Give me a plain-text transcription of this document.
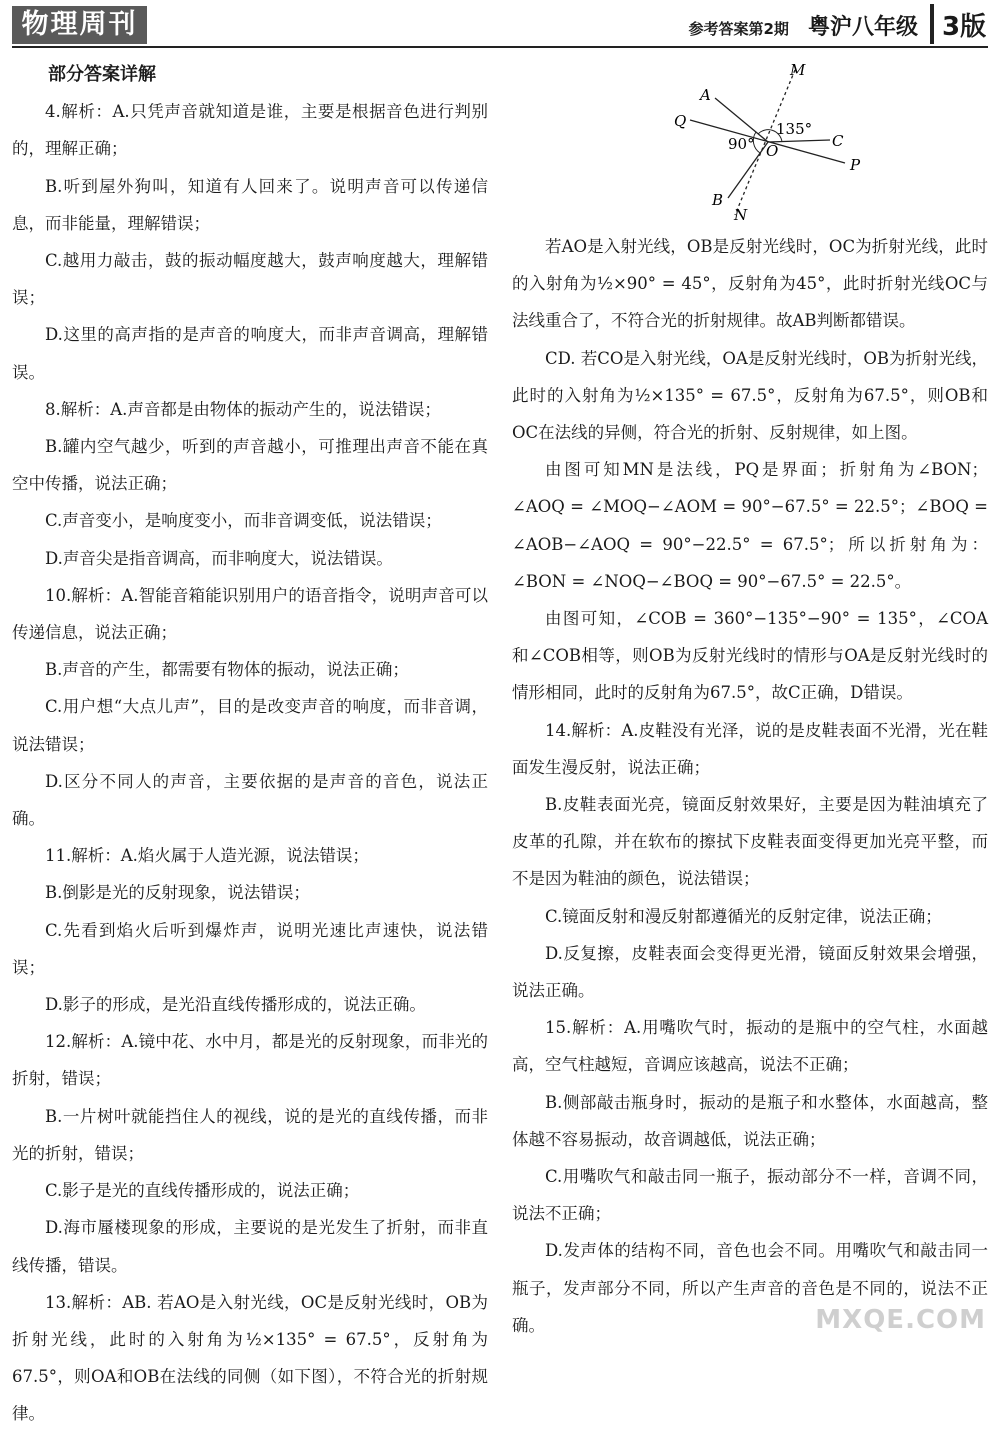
物理周刊	参考答案第2期 粤沪八年级 3版

部分答案详解

4.解析：A.只凭声音就知道是谁，主要是根据音色进行判别的，理解正确；

B.听到屋外狗叫，知道有人回来了。说明声音可以传递信息，而非能量，理解错误；

C.越用力敲击，鼓的振动幅度越大，鼓声响度越大，理解错误；

D.这里的高声指的是声音的响度大，而非声音调高，理解错误。

8.解析：A.声音都是由物体的振动产生的，说法错误；

B.罐内空气越少，听到的声音越小，可推理出声音不能在真空中传播，说法正确；

C.声音变小，是响度变小，而非音调变低，说法错误；

D.声音尖是指音调高，而非响度大，说法错误。

10.解析：A.智能音箱能识别用户的语音指令，说明声音可以传递信息，说法正确；

B.声音的产生，都需要有物体的振动，说法正确；

C.用户想“大点儿声”，目的是改变声音的响度，而非音调，说法错误；

D.区分不同人的声音，主要依据的是声音的音色，说法正确。

11.解析：A.焰火属于人造光源，说法错误；

B.倒影是光的反射现象，说法错误；

C.先看到焰火后听到爆炸声，说明光速比声速快，说法错误；

D.影子的形成，是光沿直线传播形成的，说法正确。

12.解析：A.镜中花、水中月，都是光的反射现象，而非光的折射，错误；

B.一片树叶就能挡住人的视线，说的是光的直线传播，而非光的折射，错误；

C.影子是光的直线传播形成的，说法正确；

D.海市蜃楼现象的形成，主要说的是光发生了折射，而非直线传播，错误。

13.解析：AB. 若AO是入射光线，OC是反射光线时，OB为折射光线，此时的入射角为½×135° = 67.5°，反射角为67.5°，则OA和OB在法线的同侧（如下图），不符合光的折射规律。

M
A
Q	135°
C
90° O
P
B
N

若AO是入射光线，OB是反射光线时，OC为折射光线，此时的入射角为½×90° = 45°，反射角为45°，此时折射光线OC与法线重合了，不符合光的折射规律。故AB判断都错误。

CD. 若CO是入射光线，OA是反射光线时，OB为折射光线，此时的入射角为½×135° = 67.5°，反射角为67.5°，则OB和OC在法线的异侧，符合光的折射、反射规律，如上图。

由图可知MN是法线，PQ是界面；折射角为∠BON；∠AOQ = ∠MOQ−∠AOM = 90°−67.5° = 22.5°；∠BOQ = ∠AOB−∠AOQ = 90°−22.5° = 67.5°；所以折射角为：∠BON = ∠NOQ−∠BOQ = 90°−67.5° = 22.5°。

由图可知，∠COB = 360°−135°−90° = 135°，∠COA和∠COB相等，则OB为反射光线时的情形与OA是反射光线时的情形相同，此时的反射角为67.5°，故C正确，D错误。

14.解析：A.皮鞋没有光泽，说的是皮鞋表面不光滑，光在鞋面发生漫反射，说法正确；

B.皮鞋表面光亮，镜面反射效果好，主要是因为鞋油填充了皮革的孔隙，并在软布的擦拭下皮鞋表面变得更加光亮平整，而不是因为鞋油的颜色，说法错误；

C.镜面反射和漫反射都遵循光的反射定律，说法正确；

D.反复擦，皮鞋表面会变得更光滑，镜面反射效果会增强，说法正确。

15.解析：A.用嘴吹气时，振动的是瓶中的空气柱，水面越高，空气柱越短，音调应该越高，说法不正确；

B.侧部敲击瓶身时，振动的是瓶子和水整体，水面越高，整体越不容易振动，故音调越低，说法正确；

C.用嘴吹气和敲击同一瓶子，振动部分不一样，音调不同，说法不正确；

D.发声体的结构不同，音色也会不同。用嘴吹气和敲击同一瓶子，发声部分不同，所以产生声音的音色是不同的，说法不正确。	MXQE.COM
